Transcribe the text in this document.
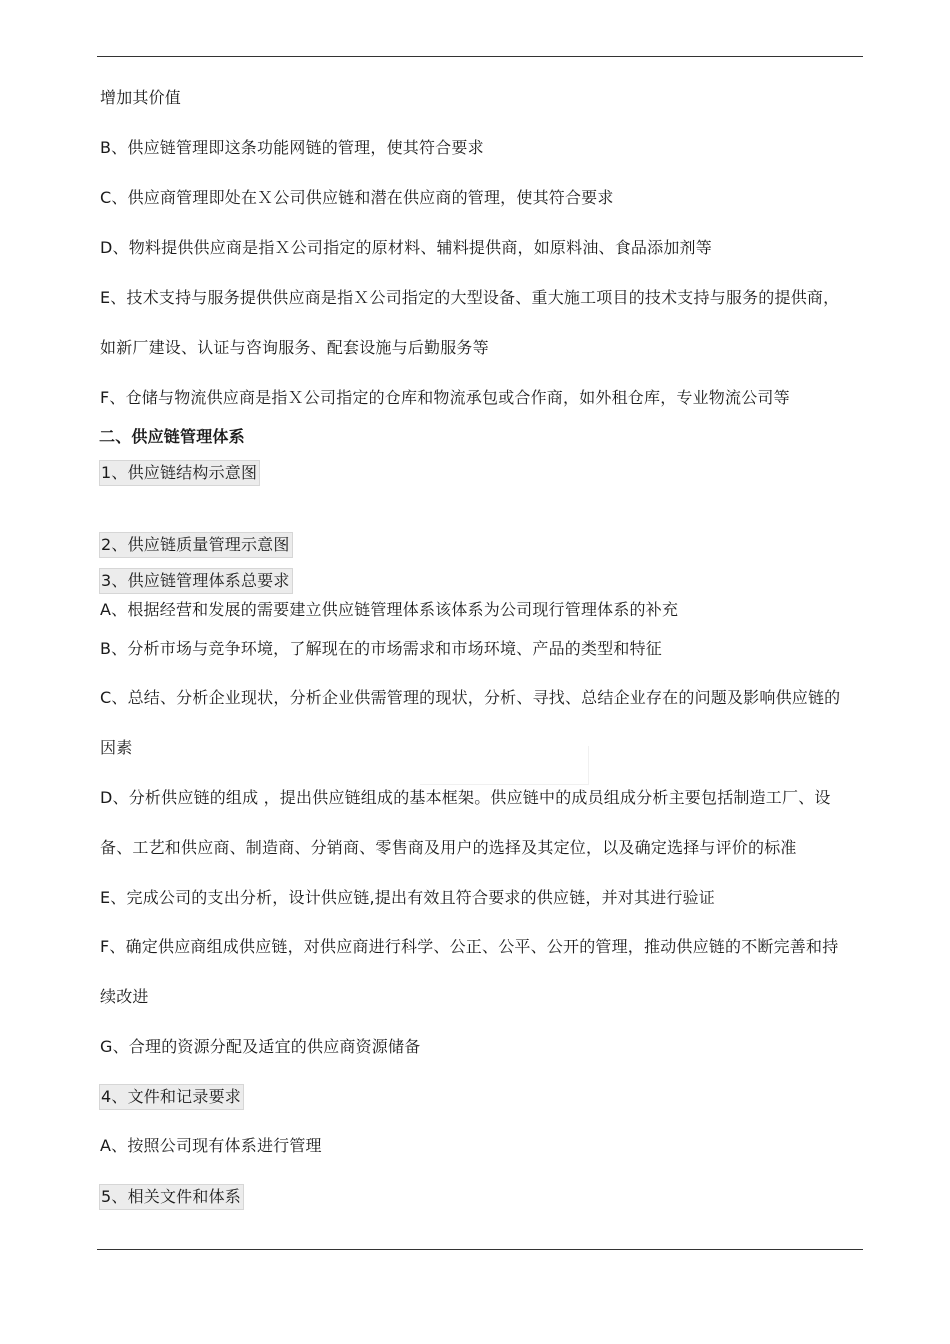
增加其价值
B、供应链管理即这条功能网链的管理，使其符合要求
C、供应商管理即处在Ｘ公司供应链和潜在供应商的管理，使其符合要求
D、物料提供供应商是指Ｘ公司指定的原材料、辅料提供商，如原料油、食品添加剂等
E、技术支持与服务提供供应商是指Ｘ公司指定的大型设备、重大施工项目的技术支持与服务的提供商，
如新厂建设、认证与咨询服务、配套设施与后勤服务等
F、仓储与物流供应商是指Ｘ公司指定的仓库和物流承包或合作商，如外租仓库，专业物流公司等
二、供应链管理体系
1、供应链结构示意图
2、供应链质量管理示意图
3、供应链管理体系总要求
A、根据经营和发展的需要建立供应链管理体系该体系为公司现行管理体系的补充
B、分析市场与竞争环境，了解现在的市场需求和市场环境、产品的类型和特征
C、总结、分析企业现状，分析企业供需管理的现状，分析、寻找、总结企业存在的问题及影响供应链的
因素
D、分析供应链的组成 ，提出供应链组成的基本框架。供应链中的成员组成分析主要包括制造工厂、设
备、工艺和供应商、制造商、分销商、零售商及用户的选择及其定位，以及确定选择与评价的标准
E、完成公司的支出分析，设计供应链,提出有效且符合要求的供应链，并对其进行验证
F、确定供应商组成供应链，对供应商进行科学、公正、公平、公开的管理，推动供应链的不断完善和持
续改进
G、合理的资源分配及适宜的供应商资源储备
4、文件和记录要求
A、按照公司现有体系进行管理
5、相关文件和体系
